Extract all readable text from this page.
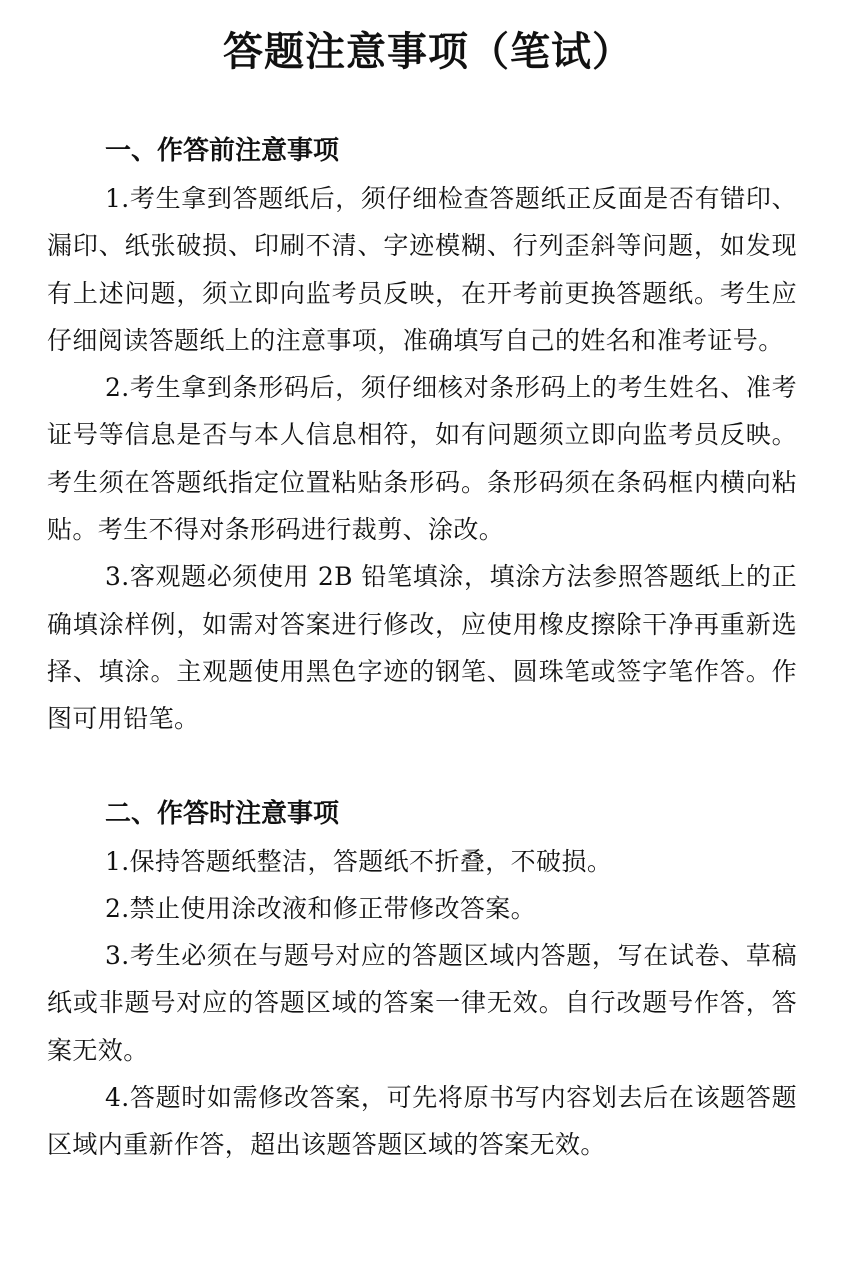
答题注意事项（笔试）
一、作答前注意事项

1.考生拿到答题纸后，须仔细检查答题纸正反面是否有错印、漏印、纸张破损、印刷不清、字迹模糊、行列歪斜等问题，如发现有上述问题，须立即向监考员反映，在开考前更换答题纸。考生应仔细阅读答题纸上的注意事项，准确填写自己的姓名和准考证号。

2.考生拿到条形码后，须仔细核对条形码上的考生姓名、准考证号等信息是否与本人信息相符，如有问题须立即向监考员反映。考生须在答题纸指定位置粘贴条形码。条形码须在条码框内横向粘贴。考生不得对条形码进行裁剪、涂改。

3.客观题必须使用 2B 铅笔填涂，填涂方法参照答题纸上的正确填涂样例，如需对答案进行修改，应使用橡皮擦除干净再重新选择、填涂。主观题使用黑色字迹的钢笔、圆珠笔或签字笔作答。作图可用铅笔。

二、作答时注意事项

1.保持答题纸整洁，答题纸不折叠，不破损。

2.禁止使用涂改液和修正带修改答案。

3.考生必须在与题号对应的答题区域内答题，写在试卷、草稿纸或非题号对应的答题区域的答案一律无效。自行改题号作答，答案无效。

4.答题时如需修改答案，可先将原书写内容划去后在该题答题区域内重新作答，超出该题答题区域的答案无效。
